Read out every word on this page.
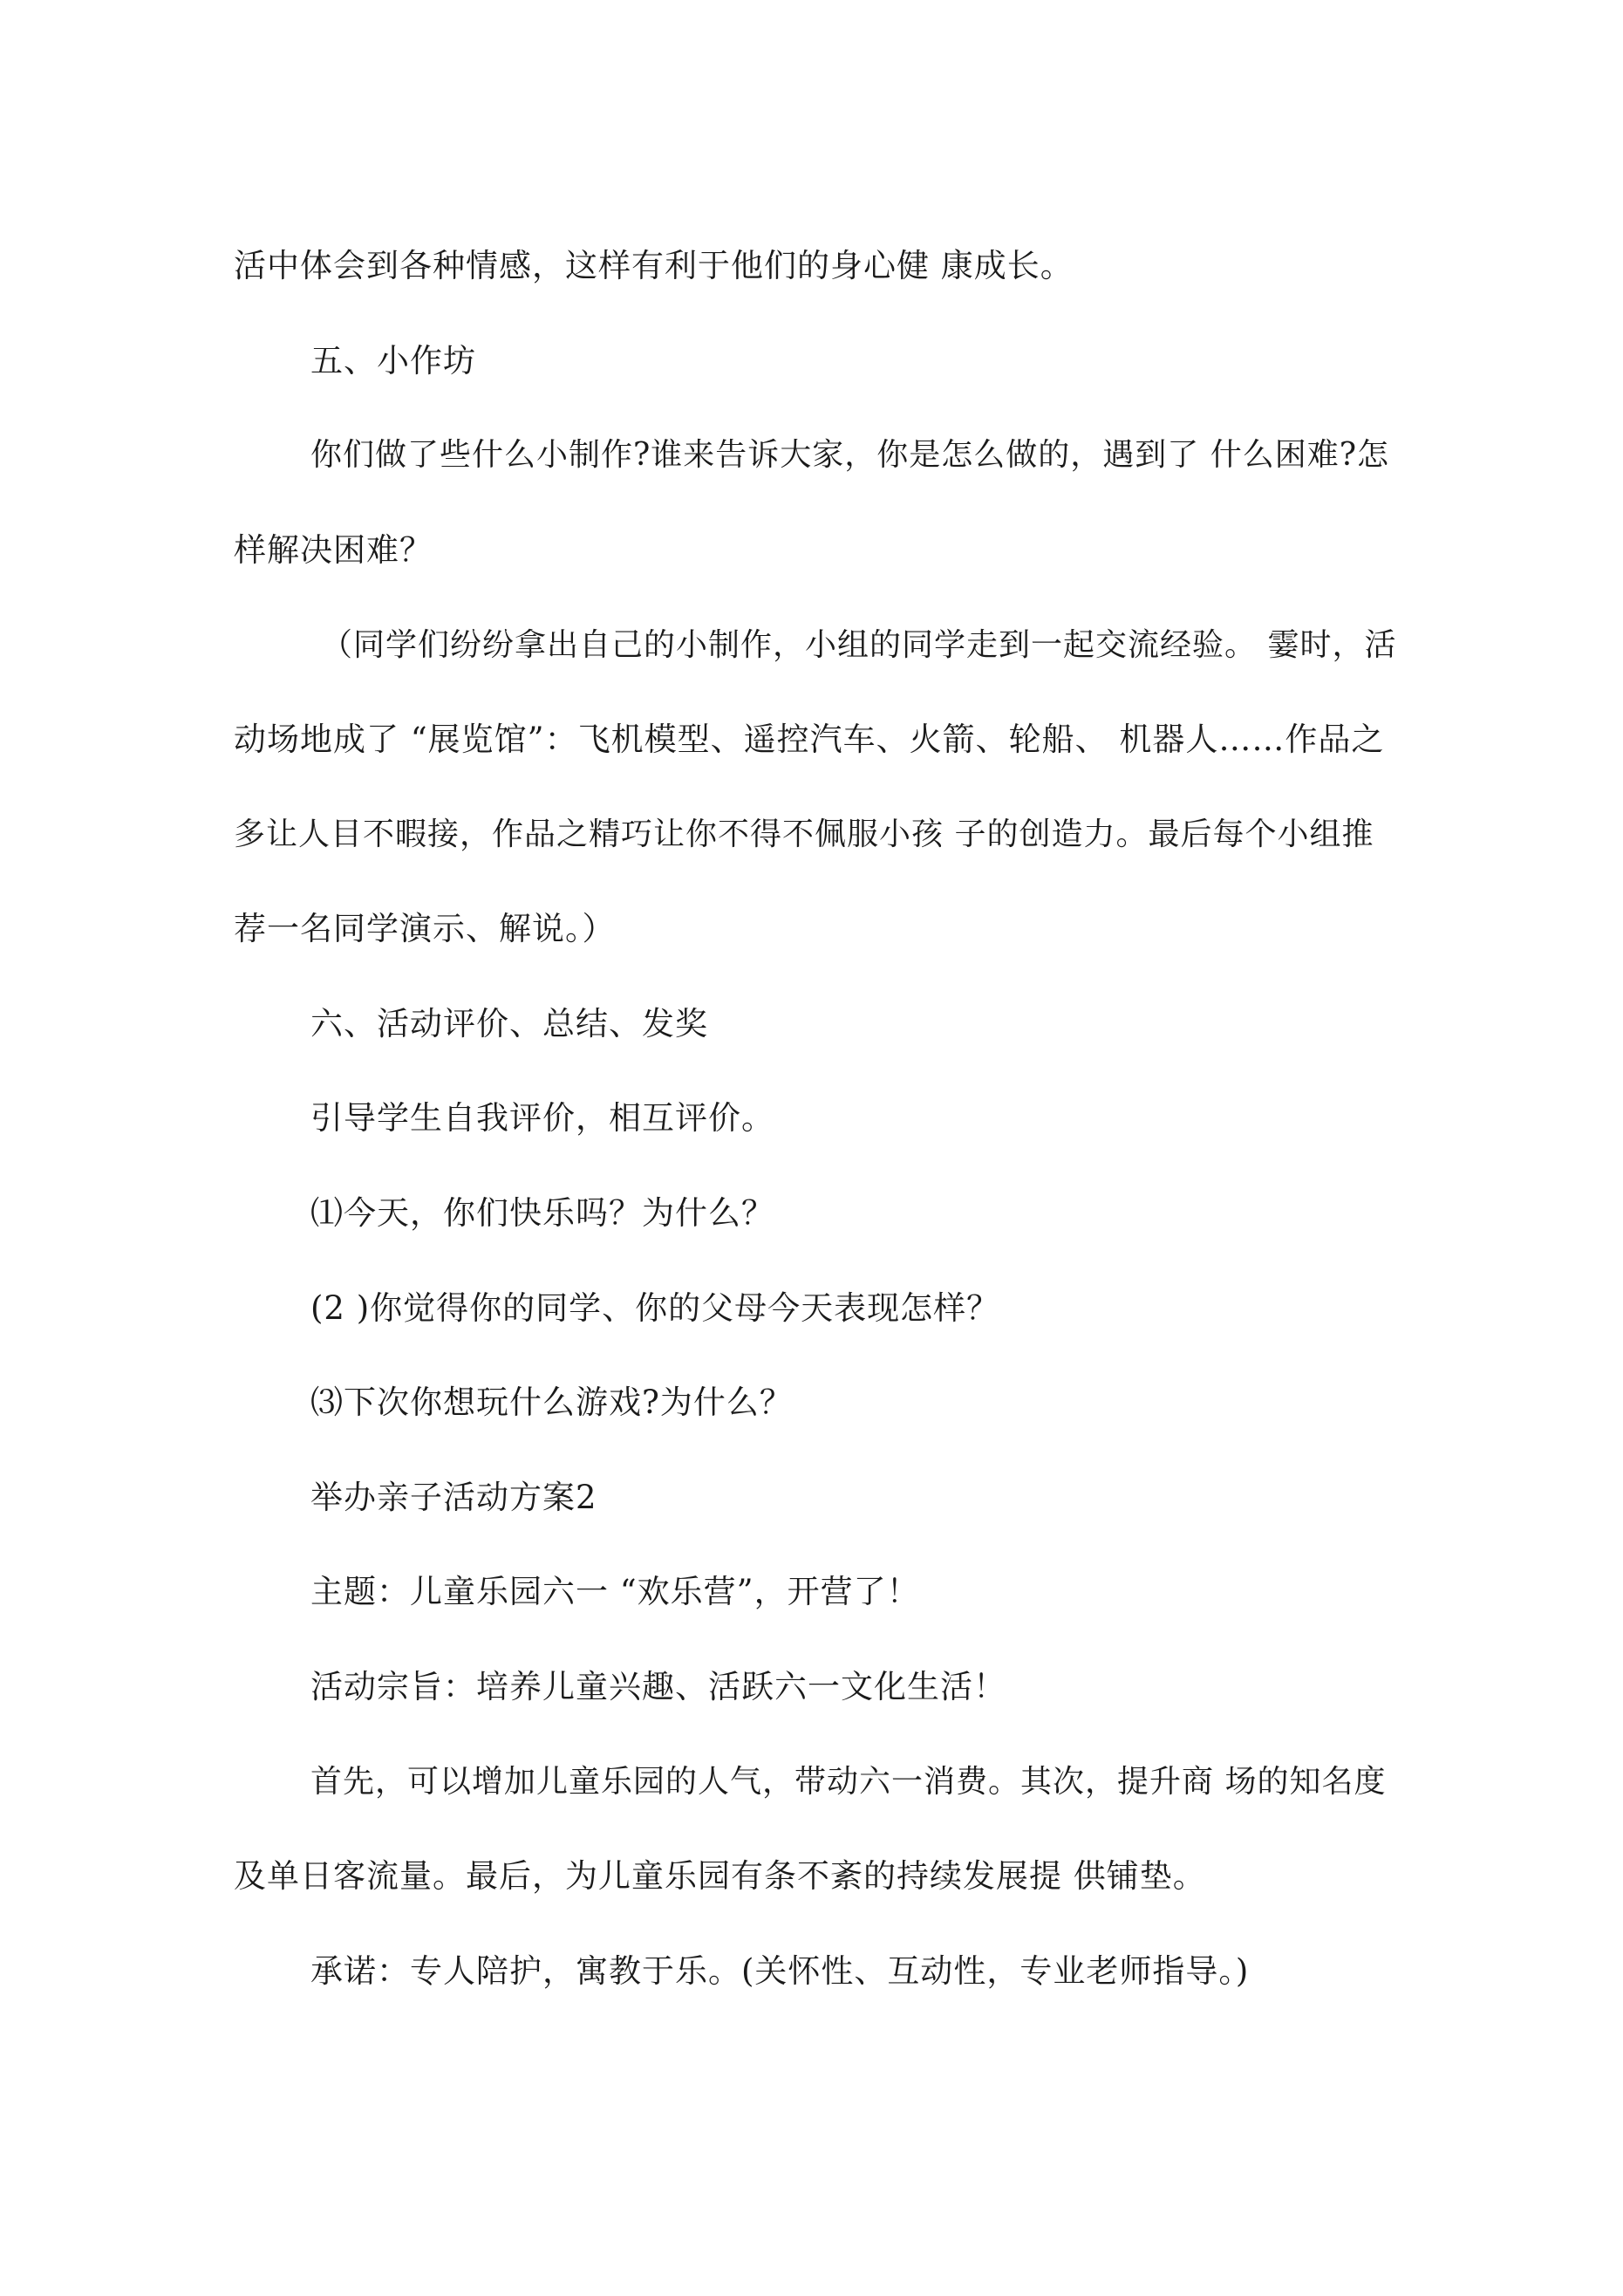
活中体会到各种情感，这样有利于他们的身心健 康成长。
五、小作坊
你们做了些什么小制作?谁来告诉大家，你是怎么做的，遇到了 什么困难?怎
样解决困难？
（同学们纷纷拿出自己的小制作，小组的同学走到一起交流经验。 霎时，活
动场地成了 “展览馆”：飞机模型、遥控汽车、火箭、轮船、 机器人……作品之
多让人目不暇接，作品之精巧让你不得不佩服小孩 子的创造力。最后每个小组推
荐一名同学演示、解说。）
六、活动评价、总结、发奖
引导学生自我评价，相互评价。
⑴今天，你们快乐吗？为什么？
(2 )你觉得你的同学、你的父母今天表现怎样？
⑶下次你想玩什么游戏?为什么？
举办亲子活动方案2
主题：儿童乐园六一 “欢乐营”，开营了！
活动宗旨：培养儿童兴趣、活跃六一文化生活！
首先，可以增加儿童乐园的人气，带动六一消费。其次，提升商 场的知名度
及单日客流量。最后，为儿童乐园有条不紊的持续发展提 供铺垫。
承诺：专人陪护，寓教于乐。(关怀性、互动性，专业老师指导。)
